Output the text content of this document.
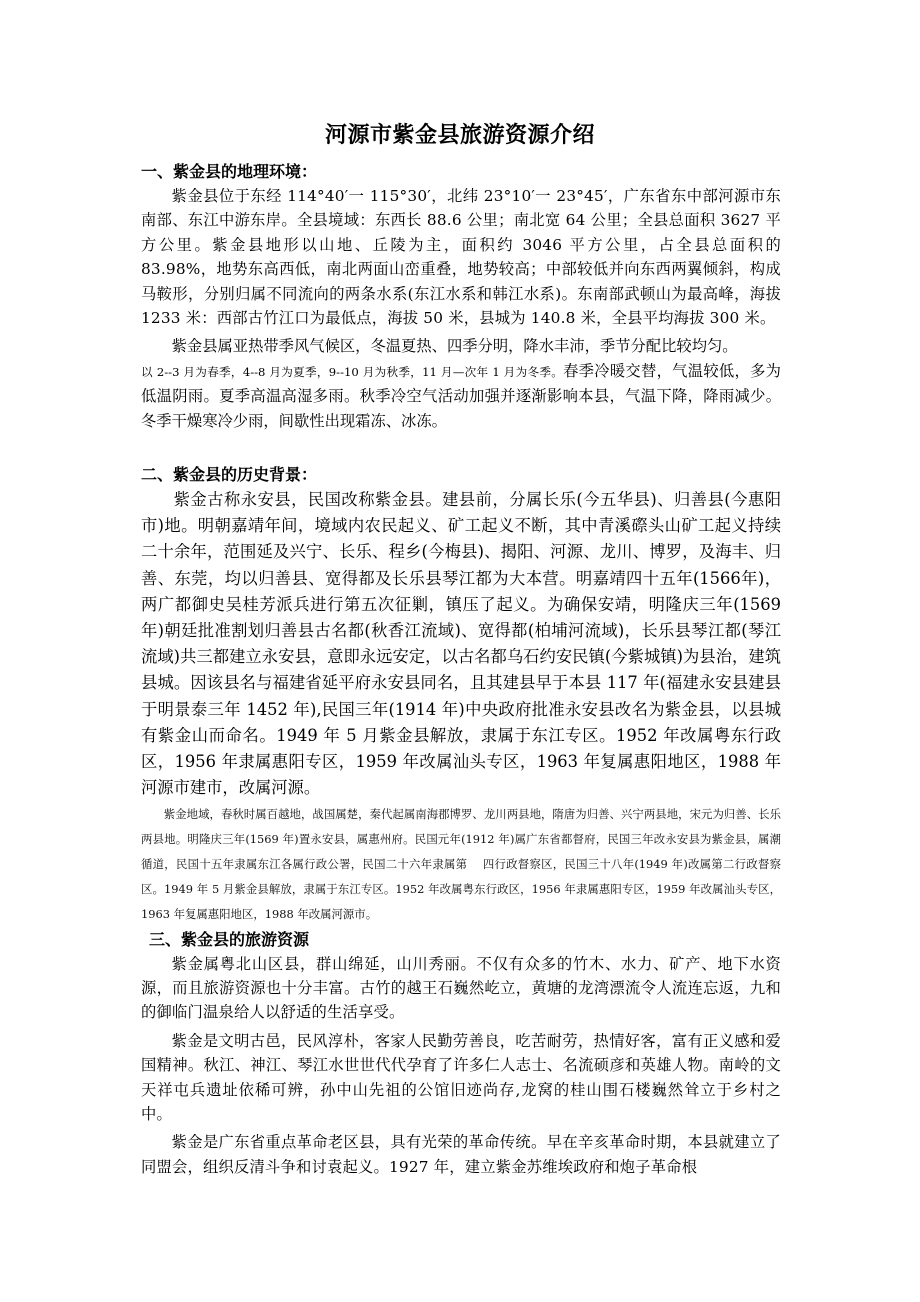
河源市紫金县旅游资源介绍

一、紫金县的地理环境：

紫金县位于东经 114°40′一 115°30′，北纬 23°10′一 23°45′，广东省东中部河源市东南部、东江中游东岸。全县境域：东西长 88.6 公里；南北宽 64 公里；全县总面积 3627 平方公里。紫金县地形以山地、丘陵为主，面积约 3046 平方公里，占全县总面积的 83.98%，地势东高西低，南北两面山峦重叠，地势较高；中部较低并向东西两翼倾斜，构成马鞍形，分别归属不同流向的两条水系(东江水系和韩江水系)。东南部武顿山为最高峰，海拔 1233 米：西部古竹江口为最低点，海拔 50 米，县城为 140.8 米，全县平均海拔 300 米。

紫金县属亚热带季风气候区，冬温夏热、四季分明，降水丰沛，季节分配比较均匀。
以 2--3 月为春季，4--8 月为夏季，9--10 月为秋季，11 月—次年 1 月为冬季。春季冷暖交替，气温较低，多为低温阴雨。夏季高温高湿多雨。秋季冷空气活动加强并逐渐影响本县，气温下降，降雨减少。冬季干燥寒冷少雨，间歇性出现霜冻、冰冻。

二、紫金县的历史背景：

紫金古称永安县，民国改称紫金县。建县前，分属长乐(今五华县)、归善县(今惠阳市)地。明朝嘉靖年间，境域内农民起义、矿工起义不断，其中青溪磜头山矿工起义持续二十余年，范围延及兴宁、长乐、程乡(今梅县)、揭阳、河源、龙川、博罗，及海丰、归善、东莞，均以归善县、宽得都及长乐县琴江都为大本营。明嘉靖四十五年(1566年)，两广都御史吴桂芳派兵进行第五次征剿，镇压了起义。为确保安靖，明隆庆三年(1569年)朝廷批准割划归善县古名都(秋香江流域)、宽得都(柏埔河流域)，长乐县琴江都(琴江流域)共三都建立永安县，意即永远安定，以古名都乌石约安民镇(今紫城镇)为县治，建筑县城。因该县名与福建省延平府永安县同名，且其建县早于本县 117 年(福建永安县建县于明景泰三年 1452 年),民国三年(1914 年)中央政府批准永安县改名为紫金县，以县城有紫金山而命名。1949 年 5 月紫金县解放，隶属于东江专区。1952 年改属粤东行政区，1956 年隶属惠阳专区，1959 年改属汕头专区，1963 年复属惠阳地区，1988 年河源市建市，改属河源。

紫金地域，春秋时属百越地，战国属楚，秦代起属南海郡博罗、龙川两县地，隋唐为归善、兴宁两县地，宋元为归善、长乐两县地。明隆庆三年(1569 年)置永安县，属惠州府。民国元年(1912 年)属广东省都督府，民国三年改永安县为紫金县，属潮循道，民国十五年隶属东江各属行政公署，民国二十六年隶属第　 四行政督察区，民国三十八年(1949 年)改属第二行政督察区。1949 年 5 月紫金县解放，隶属于东江专区。1952 年改属粤东行政区，1956 年隶属惠阳专区，1959 年改属汕头专区，1963 年复属惠阳地区，1988 年改属河源市。

三、紫金县的旅游资源

紫金属粤北山区县，群山绵延，山川秀丽。不仅有众多的竹木、水力、矿产、地下水资源，而且旅游资源也十分丰富。古竹的越王石巍然屹立，黄塘的龙湾漂流令人流连忘返，九和的御临门温泉给人以舒适的生活享受。

紫金是文明古邑，民风淳朴，客家人民勤劳善良，吃苦耐劳，热情好客，富有正义感和爱国精神。秋江、神江、琴江水世世代代孕育了许多仁人志士、名流硕彦和英雄人物。南岭的文天祥屯兵遗址依稀可辨，孙中山先祖的公馆旧迹尚存,龙窝的桂山围石楼巍然耸立于乡村之中。

紫金是广东省重点革命老区县，具有光荣的革命传统。早在辛亥革命时期，本县就建立了同盟会，组织反清斗争和讨袁起义。1927 年，建立紫金苏维埃政府和炮子革命根
